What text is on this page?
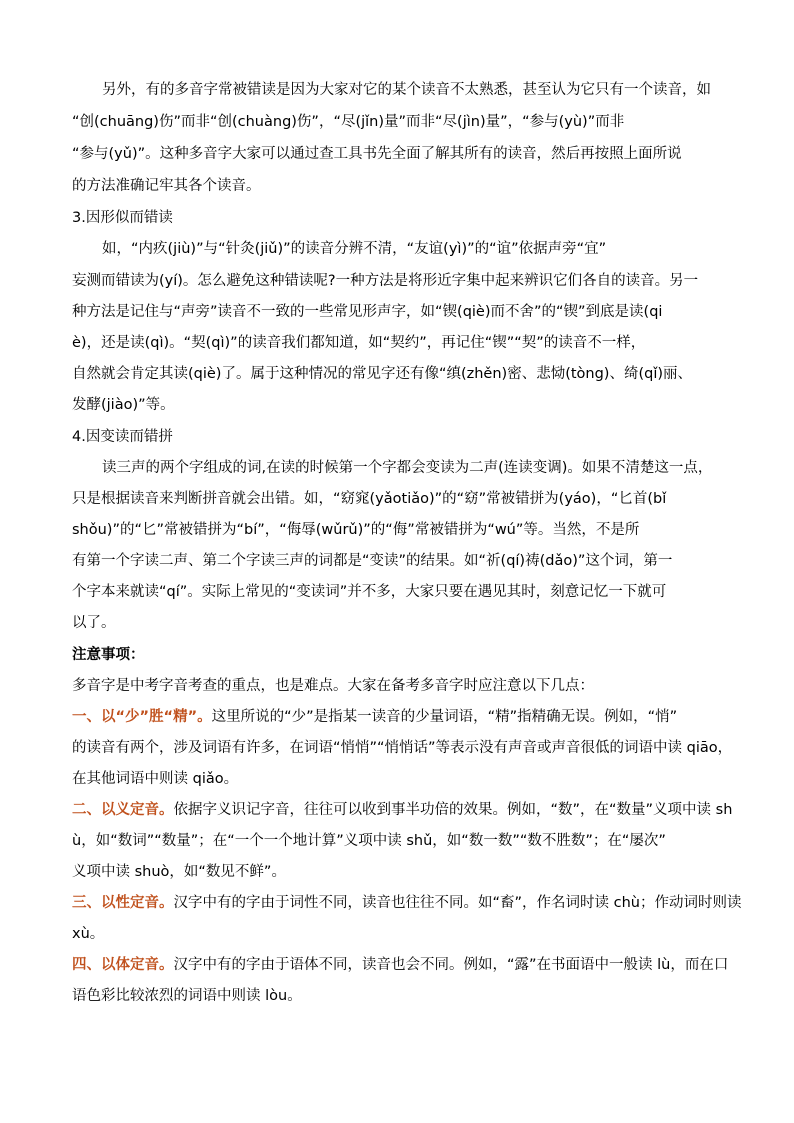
另外，有的多音字常被错读是因为大家对它的某个读音不太熟悉，甚至认为它只有一个读音，如
“创(chuāng)伤”而非“创(chuàng)伤”，“尽(jǐn)量”而非“尽(jìn)量”，“参与(yù)”而非
“参与(yǔ)”。这种多音字大家可以通过查工具书先全面了解其所有的读音，然后再按照上面所说
的方法准确记牢其各个读音。
3.因形似而错读
如，“内疚(jiù)”与“针灸(jiǔ)”的读音分辨不清，“友谊(yì)”的“谊”依据声旁“宜”
妄测而错读为(yí)。怎么避免这种错读呢?一种方法是将形近字集中起来辨识它们各自的读音。另一
种方法是记住与“声旁”读音不一致的一些常见形声字，如“锲(qiè)而不舍”的“锲”到底是读(qi
è)，还是读(qì)。“契(qì)”的读音我们都知道，如“契约”，再记住“锲”“契”的读音不一样，
自然就会肯定其读(qiè)了。属于这种情况的常见字还有像“缜(zhěn)密、悲恸(tòng)、绮(qǐ)丽、
发酵(jiào)”等。
4.因变读而错拼
读三声的两个字组成的词,在读的时候第一个字都会变读为二声(连读变调)。如果不清楚这一点，
只是根据读音来判断拼音就会出错。如，“窈窕(yǎotiǎo)”的“窈”常被错拼为(yáo)，“匕首(bǐ
shǒu)”的“匕”常被错拼为“bí”，“侮辱(wǔrǔ)”的“侮”常被错拼为“wú”等。当然，不是所
有第一个字读二声、第二个字读三声的词都是“变读”的结果。如“祈(qí)祷(dǎo)”这个词，第一
个字本来就读“qí”。实际上常见的“变读词”并不多，大家只要在遇见其时，刻意记忆一下就可
以了。
注意事项：
多音字是中考字音考查的重点，也是难点。大家在备考多音字时应注意以下几点：
一、以“少”胜“精”。这里所说的“少”是指某一读音的少量词语，“精”指精确无误。例如，“悄”
的读音有两个，涉及词语有许多，在词语“悄悄”“悄悄话”等表示没有声音或声音很低的词语中读 qiāo，
在其他词语中则读 qiǎo。
二、以义定音。依据字义识记字音，往往可以收到事半功倍的效果。例如，“数”，在“数量”义项中读 sh
ù，如“数词”“数量”；在“一个一个地计算”义项中读 shǔ，如“数一数”“数不胜数”；在“屡次”
义项中读 shuò，如“数见不鲜”。
三、以性定音。汉字中有的字由于词性不同，读音也往往不同。如“畜”，作名词时读 chù；作动词时则读
xù。
四、以体定音。汉字中有的字由于语体不同，读音也会不同。例如，“露”在书面语中一般读 lù，而在口
语色彩比较浓烈的词语中则读 lòu。
